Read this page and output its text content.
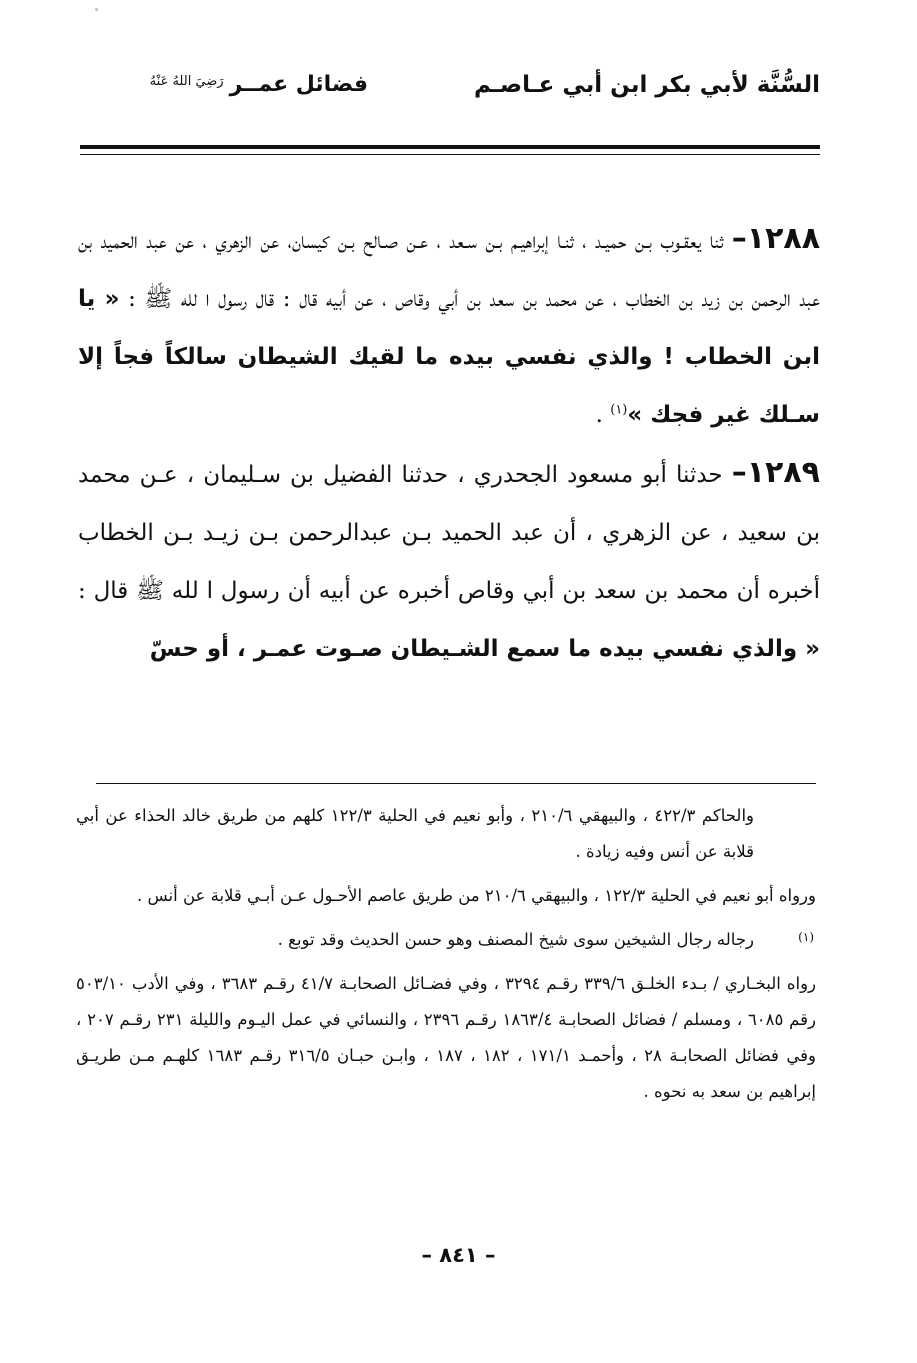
السُّنَّة لأبي بكر ابن أبي عـاصـم
فضائل عمــر$^{رَضِيَ اللهُ عَنْهُ}$

١٢٨٨– ثنا يعقـوب بـن حميـد ، ثنـا إبراهيـم بـن سـعد ، عـن صـالح بـن كيسان، عن الزهري ، عن عبد الحميد بن عبد الرحمن بن زيد بن الخطاب ، عن محمد بن سعد بن أبي وقاص ، عن أبيه قال : قال رسول ا لله ﷺ : « يا ابن الخطاب ! والذي نفسي بيده ما لقيك الشيطان سالكاً فجاً إلا سـلك غير فجك »$^{(١)}$ .

١٢٨٩– حدثنا أبو مسعود الجحدري ، حدثنا الفضيل بن سـليمان ، عـن محمد بن سعيد ، عن الزهري ، أن عبد الحميد بـن عبدالرحمن بـن زيـد بـن الخطاب أخبره أن محمد بن سعد بن أبي وقاص أخبره عن أبيه أن رسول ا لله ﷺ قال : « والذي نفسي بيده ما سمع الشـيطان صـوت عمـر ، أو حسّ

والحاكم ٤٢٢/٣ ، والبيهقي ٢١٠/٦ ، وأبو نعيم في الحلية ١٢٢/٣ كلهم من طريق خالد الحذاء عن أبي قلابة عن أنس وفيه زيادة .

ورواه أبو نعيم في الحلية ١٢٢/٣ ، والبيهقي ٢١٠/٦ من طريق عاصم الأحـول عـن أبـي قلابة عن أنس .

(١)
رجاله رجال الشيخين سوى شيخ المصنف وهو حسن الحديث وقد توبع .

رواه البخـاري / بـدء الخلـق ٣٣٩/٦ رقـم ٣٢٩٤ ، وفي فضـائل الصحابـة ٤١/٧ رقـم ٣٦٨٣ ، وفي الأدب ٥٠٣/١٠ رقم ٦٠٨٥ ، ومسلم / فضائل الصحابـة ١٨٦٣/٤ رقـم ٢٣٩٦ ، والنسائي في عمل اليـوم والليلة ٢٣١ رقـم ٢٠٧ ، وفي فضائل الصحابـة ٢٨ ، وأحمـد ١٧١/١ ، ١٨٢ ، ١٨٧ ، وابـن حبـان ٣١٦/٥ رقـم ١٦٨٣ كلهـم مـن طريـق إبراهيم بن سعد به نحوه .

– ٨٤١ –
